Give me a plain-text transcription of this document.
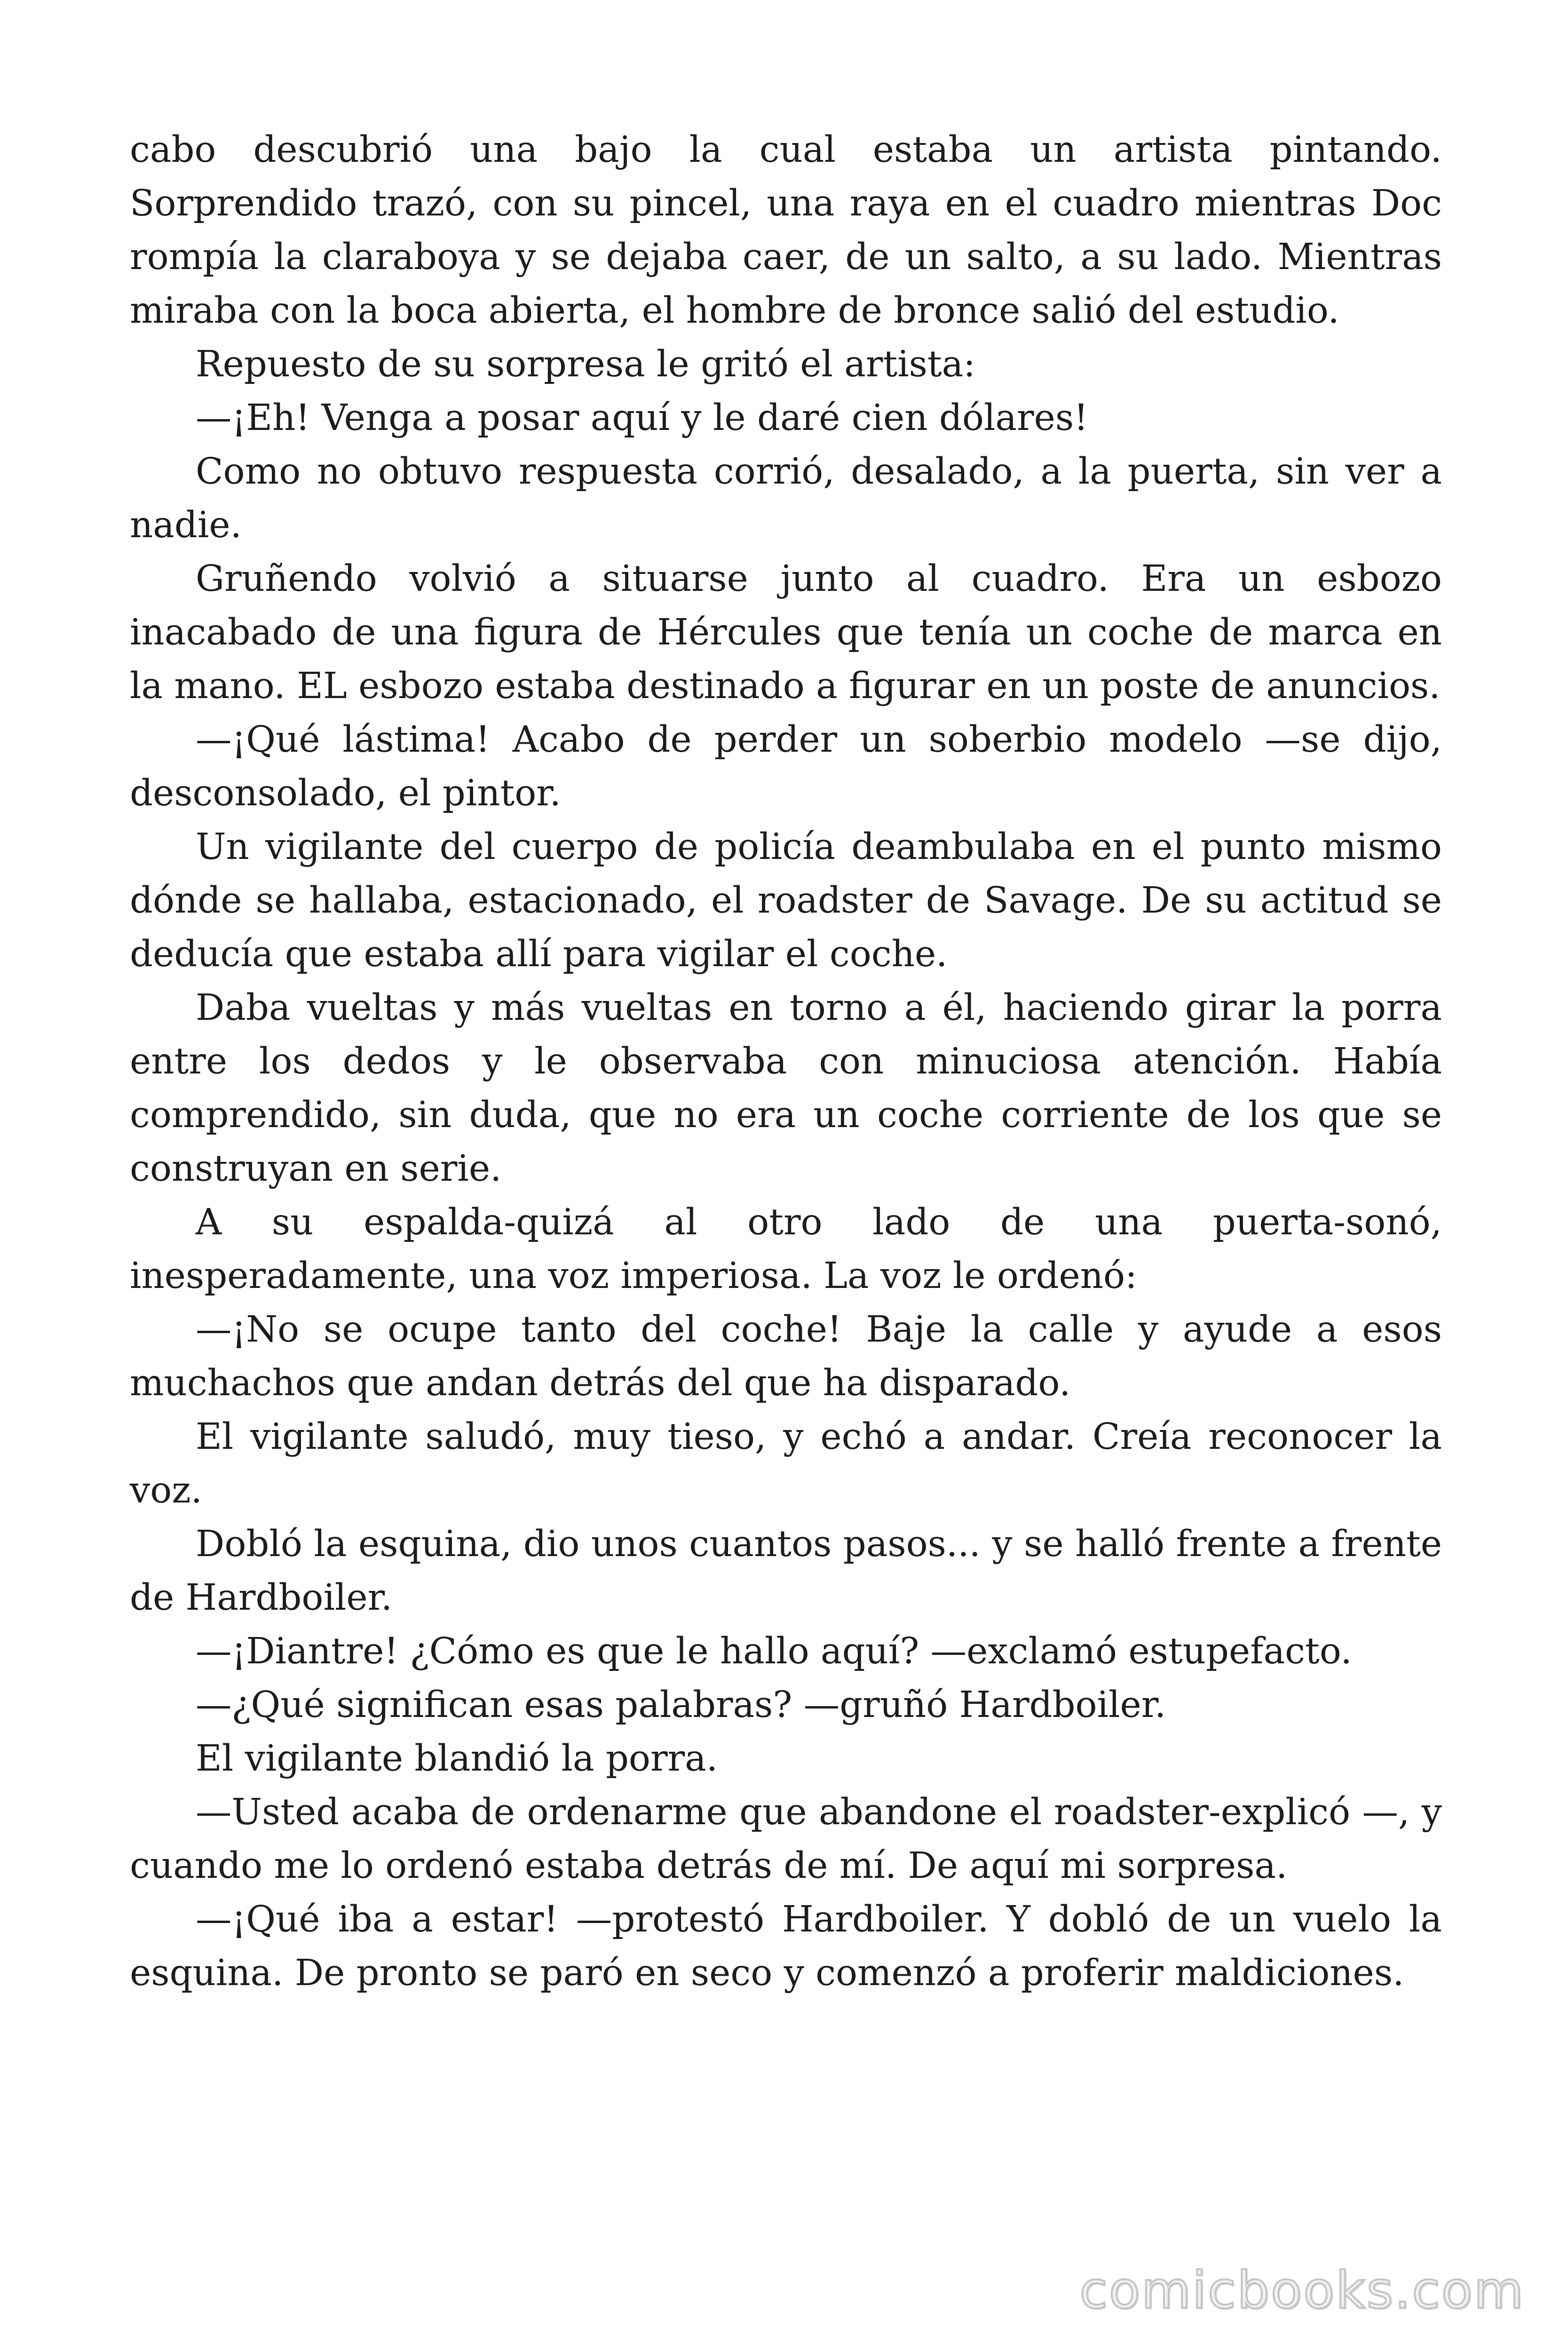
cabo descubrió una bajo la cual estaba un artista pintando. Sorprendido trazó, con su pincel, una raya en el cuadro mientras Doc rompía la claraboya y se dejaba caer, de un salto, a su lado. Mientras miraba con la boca abierta, el hombre de bronce salió del estudio.

Repuesto de su sorpresa le gritó el artista:

—¡Eh! Venga a posar aquí y le daré cien dólares!

Como no obtuvo respuesta corrió, desalado, a la puerta, sin ver a nadie.

Gruñendo volvió a situarse junto al cuadro. Era un esbozo inacabado de una figura de Hércules que tenía un coche de marca en la mano. EL esbozo estaba destinado a figurar en un poste de anuncios.

—¡Qué lástima! Acabo de perder un soberbio modelo —se dijo, desconsolado, el pintor.

Un vigilante del cuerpo de policía deambulaba en el punto mismo dónde se hallaba, estacionado, el roadster de Savage. De su actitud se deducía que estaba allí para vigilar el coche.

Daba vueltas y más vueltas en torno a él, haciendo girar la porra entre los dedos y le observaba con minuciosa atención. Había comprendido, sin duda, que no era un coche corriente de los que se construyan en serie.

A su espalda-quizá al otro lado de una puerta-sonó, inesperadamente, una voz imperiosa. La voz le ordenó:

—¡No se ocupe tanto del coche! Baje la calle y ayude a esos muchachos que andan detrás del que ha disparado.

El vigilante saludó, muy tieso, y echó a andar. Creía reconocer la voz.

Dobló la esquina, dio unos cuantos pasos... y se halló frente a frente de Hardboiler.

—¡Diantre! ¿Cómo es que le hallo aquí? —exclamó estupefacto.

—¿Qué significan esas palabras? —gruñó Hardboiler.

El vigilante blandió la porra.

—Usted acaba de ordenarme que abandone el roadster-explicó —, y cuando me lo ordenó estaba detrás de mí. De aquí mi sorpresa.

—¡Qué iba a estar! —protestó Hardboiler. Y dobló de un vuelo la esquina. De pronto se paró en seco y comenzó a proferir maldiciones.

comicbooks.com
